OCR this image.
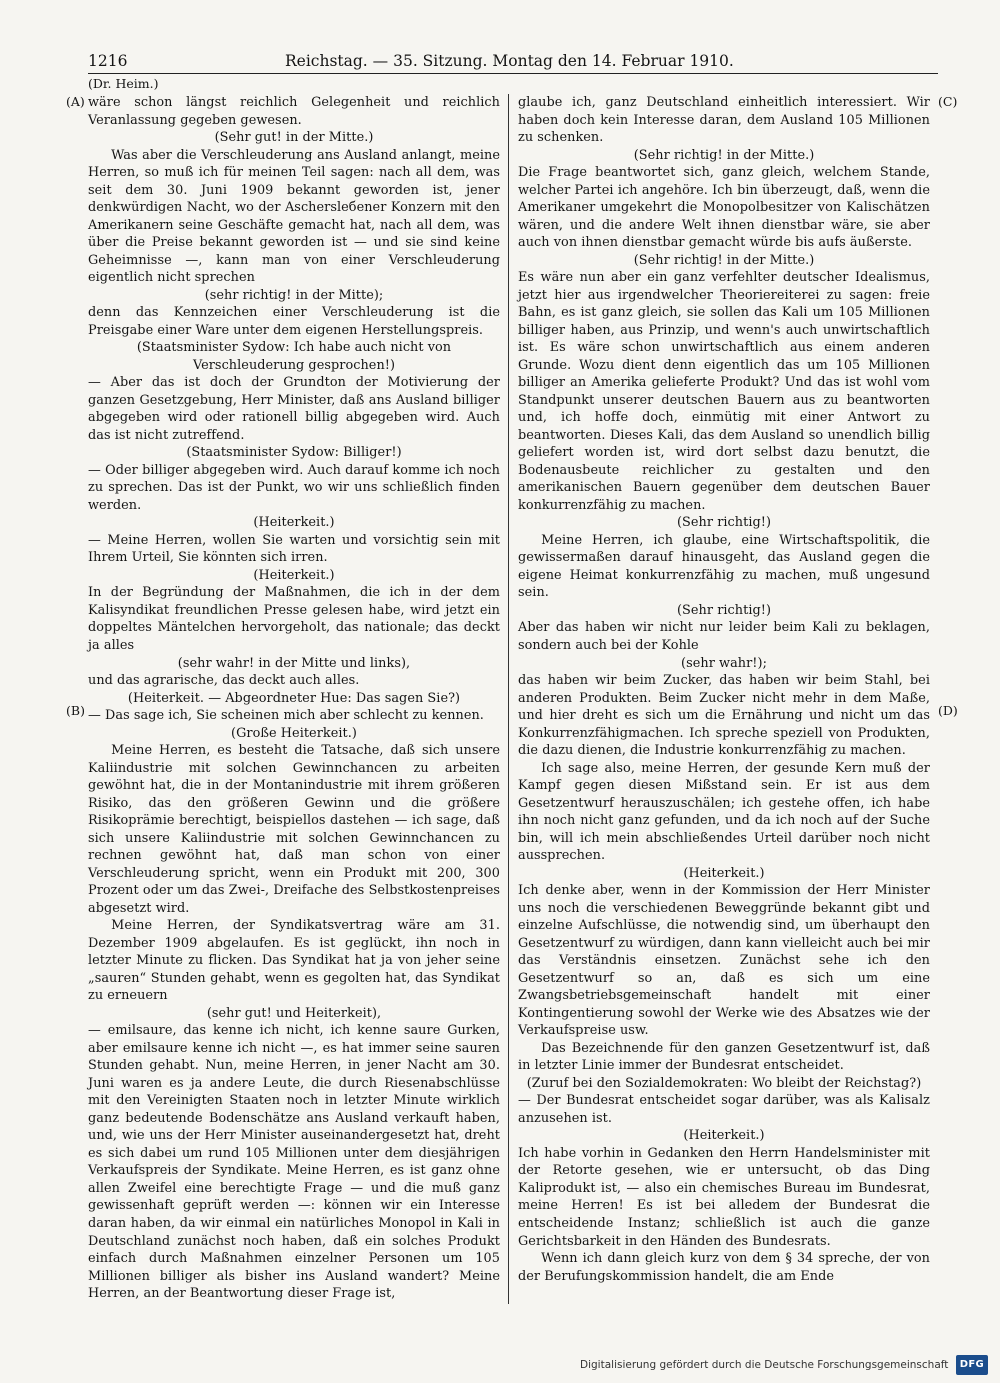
1216	Reichstag. — 35. Sitzung. Montag den 14. Februar 1910.
(Dr. Heim.)
(A)
(B)
(C)
(D)

wäre schon längst reichlich Gelegenheit und reichlich Veranlassung gegeben gewesen.

(Sehr gut! in der Mitte.)

Was aber die Verschleuderung ans Ausland anlangt, meine Herren, so muß ich für meinen Teil sagen: nach all dem, was seit dem 30. Juni 1909 bekannt geworden ist, jener denkwürdigen Nacht, wo der Aschersleбener Konzern mit den Amerikanern seine Geschäfte gemacht hat, nach all dem, was über die Preise bekannt geworden ist — und sie sind keine Geheimnisse —, kann man von einer Verschleuderung eigentlich nicht sprechen

(sehr richtig! in der Mitte);

denn das Kennzeichen einer Verschleuderung ist die Preisgabe einer Ware unter dem eigenen Herstellungspreis.

(Staatsminister Sydow: Ich habe auch nicht von Verschleuderung gesprochen!)

— Aber das ist doch der Grundton der Motivierung der ganzen Gesetzgebung, Herr Minister, daß ans Ausland billiger abgegeben wird oder rationell billig abgegeben wird. Auch das ist nicht zutreffend.

(Staatsminister Sydow: Billiger!)

— Oder billiger abgegeben wird. Auch darauf komme ich noch zu sprechen. Das ist der Punkt, wo wir uns schließlich finden werden.

(Heiterkeit.)

— Meine Herren, wollen Sie warten und vorsichtig sein mit Ihrem Urteil, Sie könnten sich irren.

(Heiterkeit.)

In der Begründung der Maßnahmen, die ich in der dem Kalisyndikat freundlichen Presse gelesen habe, wird jetzt ein doppeltes Mäntelchen hervorgeholt, das nationale; das deckt ja alles

(sehr wahr! in der Mitte und links),

und das agrarische, das deckt auch alles.

(Heiterkeit. — Abgeordneter Hue: Das sagen Sie?)

— Das sage ich, Sie scheinen mich aber schlecht zu kennen.

(Große Heiterkeit.)

Meine Herren, es besteht die Tatsache, daß sich unsere Kaliindustrie mit solchen Gewinnchancen zu arbeiten gewöhnt hat, die in der Montanindustrie mit ihrem größeren Risiko, das den größeren Gewinn und die größere Risikoprämie berechtigt, beispiellos dastehen — ich sage, daß sich unsere Kaliindustrie mit solchen Gewinnchancen zu rechnen gewöhnt hat, daß man schon von einer Verschleuderung spricht, wenn ein Produkt mit 200, 300 Prozent oder um das Zwei-, Dreifache des Selbstkostenpreises abgesetzt wird.

Meine Herren, der Syndikatsvertrag wäre am 31. Dezember 1909 abgelaufen. Es ist geglückt, ihn noch in letzter Minute zu flicken. Das Syndikat hat ja von jeher seine „sauren“ Stunden gehabt, wenn es gegolten hat, das Syndikat zu erneuern

(sehr gut! und Heiterkeit),

— emilsaure, das kenne ich nicht, ich kenne saure Gurken, aber emilsaure kenne ich nicht —, es hat immer seine sauren Stunden gehabt. Nun, meine Herren, in jener Nacht am 30. Juni waren es ja andere Leute, die durch Riesenabschlüsse mit den Vereinigten Staaten noch in letzter Minute wirklich ganz bedeutende Bodenschätze ans Ausland verkauft haben, und, wie uns der Herr Minister auseinandergesetzt hat, dreht es sich dabei um rund 105 Millionen unter dem diesjährigen Verkaufspreis der Syndikate. Meine Herren, es ist ganz ohne allen Zweifel eine berechtigte Frage — und die muß ganz gewissenhaft geprüft werden —: können wir ein Interesse daran haben, da wir einmal ein natürliches Monopol in Kali in Deutschland zunächst noch haben, daß ein solches Produkt einfach durch Maßnahmen einzelner Personen um 105 Millionen billiger als bisher ins Ausland wandert? Meine Herren, an der Beantwortung dieser Frage ist,

glaube ich, ganz Deutschland einheitlich interessiert. Wir haben doch kein Interesse daran, dem Ausland 105 Millionen zu schenken.

(Sehr richtig! in der Mitte.)

Die Frage beantwortet sich, ganz gleich, welchem Stande, welcher Partei ich angehöre. Ich bin überzeugt, daß, wenn die Amerikaner umgekehrt die Monopolbesitzer von Kalischätzen wären, und die andere Welt ihnen dienstbar wäre, sie aber auch von ihnen dienstbar gemacht würde bis aufs äußerste.

(Sehr richtig! in der Mitte.)

Es wäre nun aber ein ganz verfehlter deutscher Idealismus, jetzt hier aus irgendwelcher Theoriereiterei zu sagen: freie Bahn, es ist ganz gleich, sie sollen das Kali um 105 Millionen billiger haben, aus Prinzip, und wenn's auch unwirtschaftlich ist. Es wäre schon unwirtschaftlich aus einem anderen Grunde. Wozu dient denn eigentlich das um 105 Millionen billiger an Amerika gelieferte Produkt? Und das ist wohl vom Standpunkt unserer deutschen Bauern aus zu beantworten und, ich hoffe doch, einmütig mit einer Antwort zu beantworten. Dieses Kali, das dem Ausland so unendlich billig geliefert worden ist, wird dort selbst dazu benutzt, die Bodenausbeute reichlicher zu gestalten und den amerikanischen Bauern gegenüber dem deutschen Bauer konkurrenzfähig zu machen.

(Sehr richtig!)

Meine Herren, ich glaube, eine Wirtschaftspolitik, die gewissermaßen darauf hinausgeht, das Ausland gegen die eigene Heimat konkurrenzfähig zu machen, muß ungesund sein.

(Sehr richtig!)

Aber das haben wir nicht nur leider beim Kali zu beklagen, sondern auch bei der Kohle

(sehr wahr!);

das haben wir beim Zucker, das haben wir beim Stahl, bei anderen Produkten. Beim Zucker nicht mehr in dem Maße, und hier dreht es sich um die Ernährung und nicht um das Konkurrenzfähigmachen. Ich spreche speziell von Produkten, die dazu dienen, die Industrie konkurrenzfähig zu machen.

Ich sage also, meine Herren, der gesunde Kern muß der Kampf gegen diesen Mißstand sein. Er ist aus dem Gesetzentwurf herauszuschälen; ich gestehe offen, ich habe ihn noch nicht ganz gefunden, und da ich noch auf der Suche bin, will ich mein abschließendes Urteil darüber noch nicht aussprechen.

(Heiterkeit.)

Ich denke aber, wenn in der Kommission der Herr Minister uns noch die verschiedenen Beweggründe bekannt gibt und einzelne Aufschlüsse, die notwendig sind, um überhaupt den Gesetzentwurf zu würdigen, dann kann vielleicht auch bei mir das Verständnis einsetzen. Zunächst sehe ich den Gesetzentwurf so an, daß es sich um eine Zwangsbetriebsgemeinschaft handelt mit einer Kontingentierung sowohl der Werke wie des Absatzes wie der Verkaufspreise usw.

Das Bezeichnende für den ganzen Gesetzentwurf ist, daß in letzter Linie immer der Bundesrat entscheidet.

(Zuruf bei den Sozialdemokraten: Wo bleibt der Reichstag?)

— Der Bundesrat entscheidet sogar darüber, was als Kalisalz anzusehen ist.

(Heiterkeit.)

Ich habe vorhin in Gedanken den Herrn Handelsminister mit der Retorte gesehen, wie er untersucht, ob das Ding Kaliprodukt ist, — also ein chemisches Bureau im Bundesrat, meine Herren! Es ist bei alledem der Bundesrat die entscheidende Instanz; schließlich ist auch die ganze Gerichtsbarkeit in den Händen des Bundesrats.

Wenn ich dann gleich kurz von dem § 34 spreche, der von der Berufungskommission handelt, die am Ende

Digitalisierung gefördert durch die Deutsche Forschungsgemeinschaft DFG
